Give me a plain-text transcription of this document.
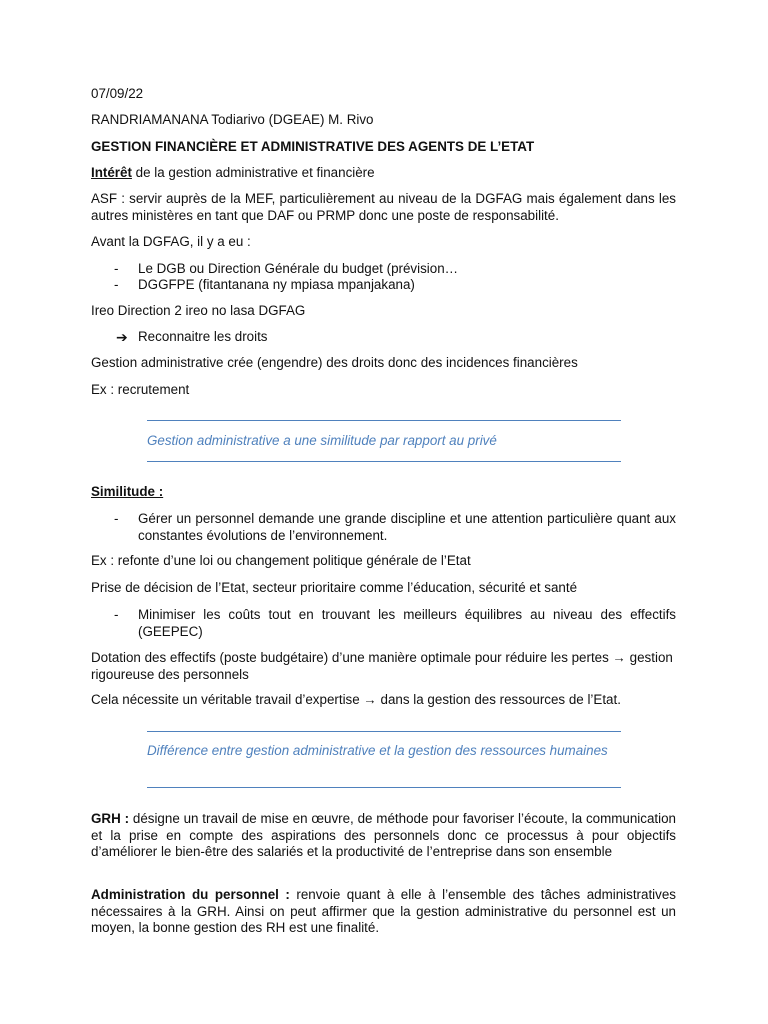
07/09/22

RANDRIAMANANA Todiarivo (DGEAE) M. Rivo

GESTION FINANCIÈRE ET ADMINISTRATIVE DES AGENTS DE L’ETAT

Intérêt de la gestion administrative et financière

ASF : servir auprès de la MEF, particulièrement au niveau de la DGFAG mais également dans les autres ministères en tant que DAF ou PRMP donc une poste de responsabilité.

Avant la DGFAG, il y a eu :

- Le DGB ou Direction Générale du budget (prévision…
- DGGFPE (fitantanana ny mpiasa mpanjakana)

Ireo Direction 2 ireo no lasa DGFAG

➔ Reconnaitre les droits

Gestion administrative crée (engendre) des droits donc des incidences financières

Ex : recrutement

Gestion administrative a une similitude par rapport au privé

Similitude :

- Gérer un personnel demande une grande discipline et une attention particulière quant aux constantes évolutions de l’environnement.

Ex : refonte d’une loi ou changement politique générale de l’Etat

Prise de décision de l’Etat, secteur prioritaire comme l’éducation, sécurité et santé

- Minimiser les coûts tout en trouvant les meilleurs équilibres au niveau des effectifs (GEEPEC)

Dotation des effectifs (poste budgétaire) d’une manière optimale pour réduire les pertes → gestion rigoureuse des personnels

Cela nécessite un véritable travail d’expertise → dans la gestion des ressources de l’Etat.

Différence entre gestion administrative et la gestion des ressources humaines

GRH : désigne un travail de mise en œuvre, de méthode pour favoriser l’écoute, la communication et la prise en compte des aspirations des personnels donc ce processus à pour objectifs d’améliorer le bien-être des salariés et la productivité de l’entreprise dans son ensemble

Administration du personnel : renvoie quant à elle à l’ensemble des tâches administratives nécessaires à la GRH. Ainsi on peut affirmer que la gestion administrative du personnel est un moyen, la bonne gestion des RH est une finalité.
